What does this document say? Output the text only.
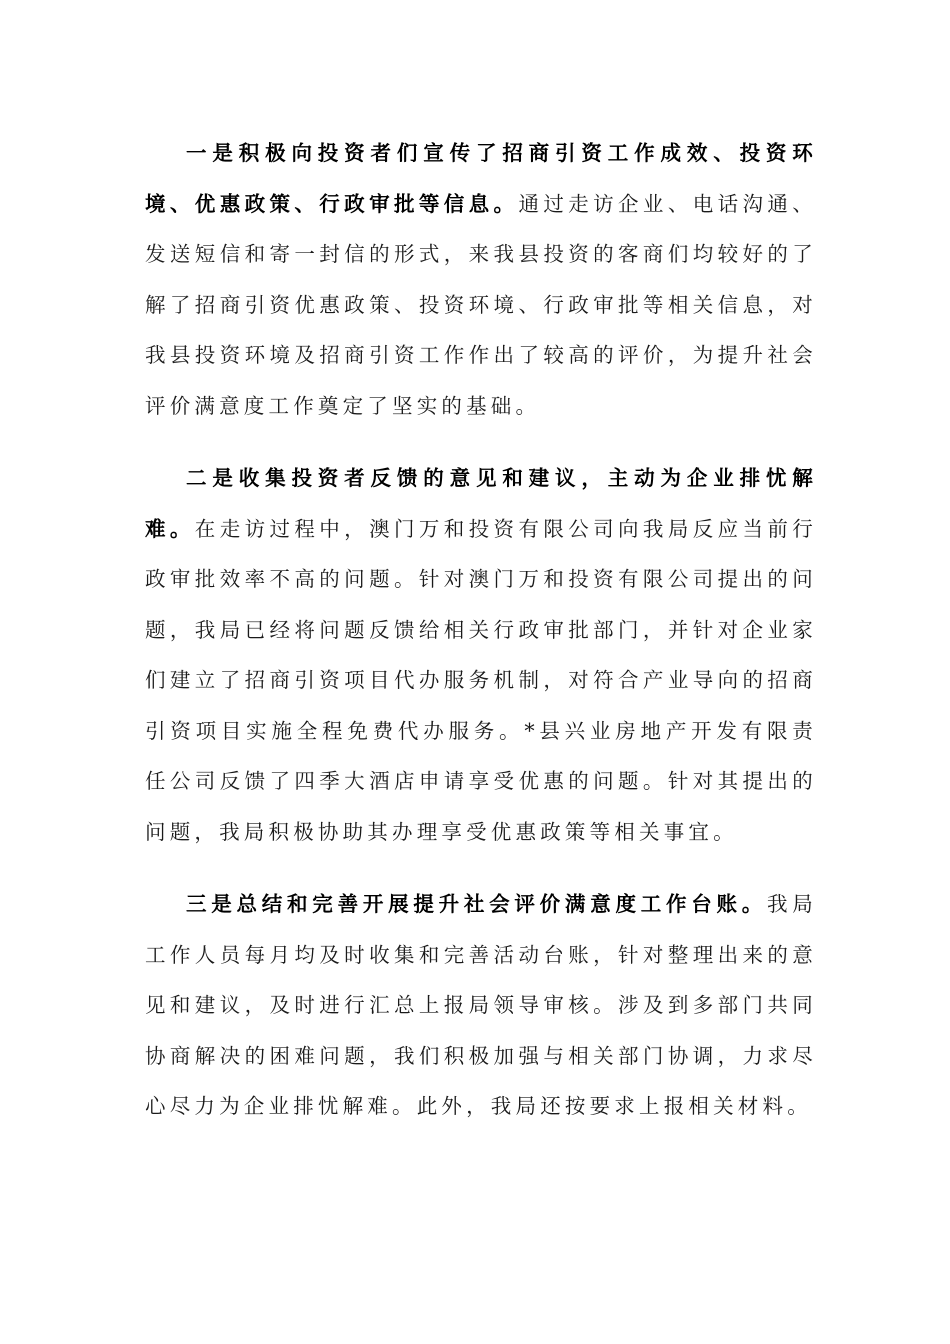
一是积极向投资者们宣传了招商引资工作成效、投资环境、优惠政策、行政审批等信息。通过走访企业、电话沟通、发送短信和寄一封信的形式，来我县投资的客商们均较好的了解了招商引资优惠政策、投资环境、行政审批等相关信息，对我县投资环境及招商引资工作作出了较高的评价，为提升社会评价满意度工作奠定了坚实的基础。

二是收集投资者反馈的意见和建议，主动为企业排忧解难。在走访过程中，澳门万和投资有限公司向我局反应当前行政审批效率不高的问题。针对澳门万和投资有限公司提出的问题，我局已经将问题反馈给相关行政审批部门，并针对企业家们建立了招商引资项目代办服务机制，对符合产业导向的招商引资项目实施全程免费代办服务。*县兴业房地产开发有限责任公司反馈了四季大酒店申请享受优惠的问题。针对其提出的问题，我局积极协助其办理享受优惠政策等相关事宜。

三是总结和完善开展提升社会评价满意度工作台账。我局工作人员每月均及时收集和完善活动台账，针对整理出来的意见和建议，及时进行汇总上报局领导审核。涉及到多部门共同协商解决的困难问题，我们积极加强与相关部门协调，力求尽心尽力为企业排忧解难。此外，我局还按要求上报相关材料。
